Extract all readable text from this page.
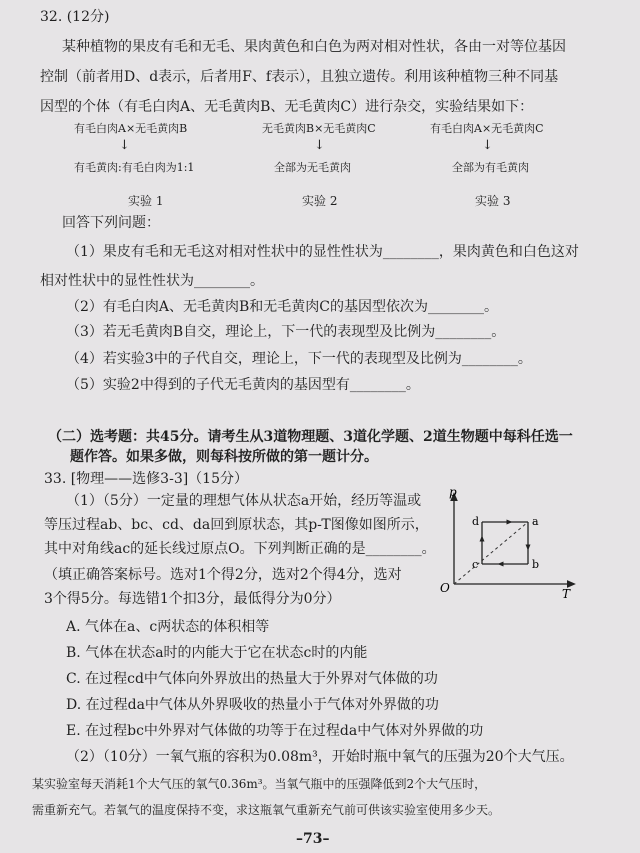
32. (12分)
某种植物的果皮有毛和无毛、果肉黄色和白色为两对相对性状，各由一对等位基因
控制（前者用D、d表示，后者用F、f表示），且独立遗传。利用该种植物三种不同基
因型的个体（有毛白肉A、无毛黄肉B、无毛黄肉C）进行杂交，实验结果如下：
有毛白肉A×无毛黄肉B
↓
有毛黄肉:有毛白肉为1:1
无毛黄肉B×无毛黄肉C
↓
全部为无毛黄肉
有毛白肉A×无毛黄肉C
↓
全部为有毛黄肉
实验 1	实验 2	实验 3
回答下列问题：
（1）果皮有毛和无毛这对相对性状中的显性性状为________，果肉黄色和白色这对
相对性状中的显性性状为________。
（2）有毛白肉A、无毛黄肉B和无毛黄肉C的基因型依次为________。
（3）若无毛黄肉B自交，理论上，下一代的表现型及比例为________。
（4）若实验3中的子代自交，理论上，下一代的表现型及比例为________。
（5）实验2中得到的子代无毛黄肉的基因型有________。
（二）选考题：共45分。请考生从3道物理题、3道化学题、2道生物题中每科任选一
题作答。如果多做，则每科按所做的第一题计分。
33. [物理——选修3-3]（15分）
（1）（5分）一定量的理想气体从状态a开始，经历等温或
等压过程ab、bc、cd、da回到原状态，其p-T图像如图所示，
其中对角线ac的延长线过原点O。下列判断正确的是________。
（填正确答案标号。选对1个得2分，选对2个得4分，选对
3个得5分。每选错1个扣3分，最低得分为0分）
p
T
O
d	a
b
c
A. 气体在a、c两状态的体积相等
B. 气体在状态a时的内能大于它在状态c时的内能
C. 在过程cd中气体向外界放出的热量大于外界对气体做的功
D. 在过程da中气体从外界吸收的热量小于气体对外界做的功
E. 在过程bc中外界对气体做的功等于在过程da中气体对外界做的功
（2）（10分）一氧气瓶的容积为0.08m³，开始时瓶中氧气的压强为20个大气压。
某实验室每天消耗1个大气压的氧气0.36m³。当氧气瓶中的压强降低到2个大气压时，
需重新充气。若氧气的温度保持不变，求这瓶氧气重新充气前可供该实验室使用多少天。
–73–
